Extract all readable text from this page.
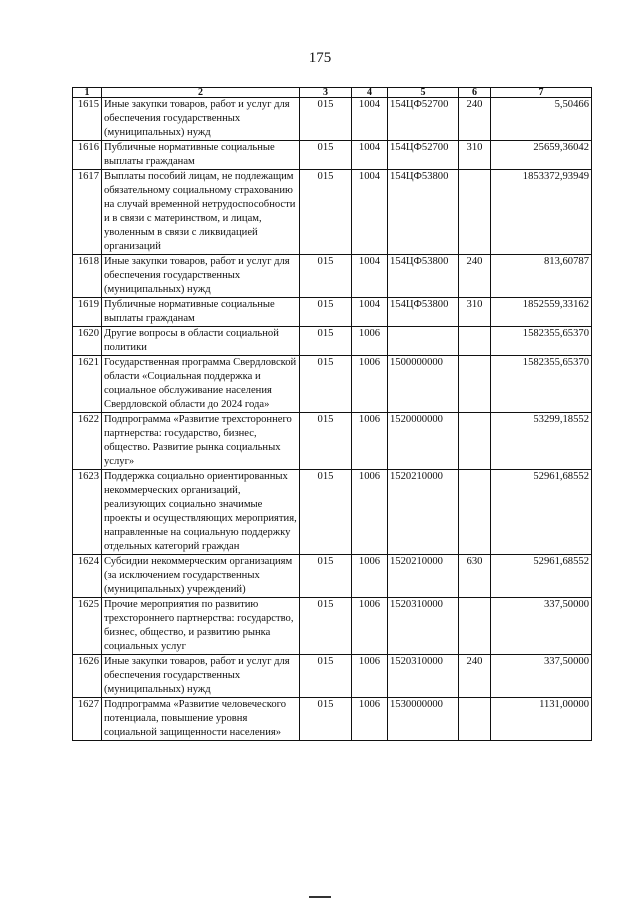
175
1	2	3	4	5	6	7
1615	Иные закупки товаров, работ и услуг для обеспечения государственных (муниципальных) нужд	015	1004	154ЦФ52700	240	5,50466
1616	Публичные нормативные социальные выплаты гражданам	015	1004	154ЦФ52700	310	25659,36042
1617	Выплаты пособий лицам, не подлежащим обязательному социальному страхованию на случай временной нетрудоспособности и в связи с материнством, и лицам, уволенным в связи с ликвидацией организаций	015	1004	154ЦФ53800		1853372,93949
1618	Иные закупки товаров, работ и услуг для обеспечения государственных (муниципальных) нужд	015	1004	154ЦФ53800	240	813,60787
1619	Публичные нормативные социальные выплаты гражданам	015	1004	154ЦФ53800	310	1852559,33162
1620	Другие вопросы в области социальной политики	015	1006			1582355,65370
1621	Государственная программа Свердловской области «Социальная поддержка и социальное обслуживание населения Свердловской области до 2024 года»	015	1006	1500000000		1582355,65370
1622	Подпрограмма «Развитие трехстороннего партнерства: государство, бизнес, общество. Развитие рынка социальных услуг»	015	1006	1520000000		53299,18552
1623	Поддержка социально ориентированных некоммерческих организаций, реализующих социально значимые проекты и осуществляющих мероприятия, направленные на социальную поддержку отдельных категорий граждан	015	1006	1520210000		52961,68552
1624	Субсидии некоммерческим организациям (за исключением государственных (муниципальных) учреждений)	015	1006	1520210000	630	52961,68552
1625	Прочие мероприятия по развитию трехстороннего партнерства: государство, бизнес, общество, и развитию рынка социальных услуг	015	1006	1520310000		337,50000
1626	Иные закупки товаров, работ и услуг для обеспечения государственных (муниципальных) нужд	015	1006	1520310000	240	337,50000
1627	Подпрограмма «Развитие человеческого потенциала, повышение уровня социальной защищенности населения»	015	1006	1530000000		1131,00000
